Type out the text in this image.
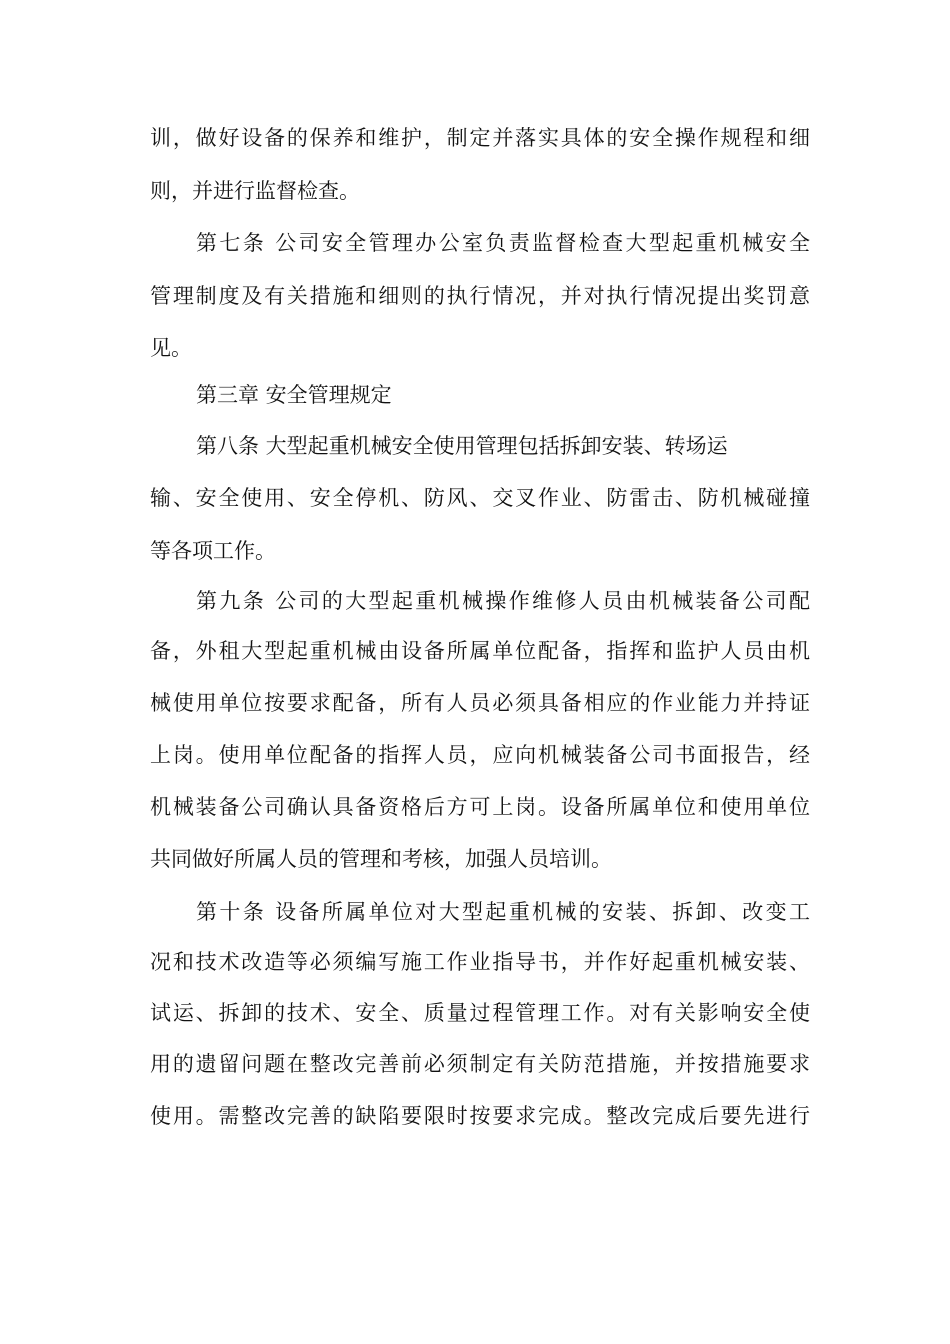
训，做好设备的保养和维护，制定并落实具体的安全操作规程和细
则，并进行监督检查。
第七条 公司安全管理办公室负责监督检查大型起重机械安全
管理制度及有关措施和细则的执行情况，并对执行情况提出奖罚意
见。
第三章 安全管理规定
第八条 大型起重机械安全使用管理包括拆卸安装、转场运
输、安全使用、安全停机、防风、交叉作业、防雷击、防机械碰撞
等各项工作。
第九条 公司的大型起重机械操作维修人员由机械装备公司配
备，外租大型起重机械由设备所属单位配备，指挥和监护人员由机
械使用单位按要求配备，所有人员必须具备相应的作业能力并持证
上岗。使用单位配备的指挥人员，应向机械装备公司书面报告，经
机械装备公司确认具备资格后方可上岗。设备所属单位和使用单位
共同做好所属人员的管理和考核，加强人员培训。
第十条 设备所属单位对大型起重机械的安装、拆卸、改变工
况和技术改造等必须编写施工作业指导书，并作好起重机械安装、
试运、拆卸的技术、安全、质量过程管理工作。对有关影响安全使
用的遗留问题在整改完善前必须制定有关防范措施，并按措施要求
使用。需整改完善的缺陷要限时按要求完成。整改完成后要先进行
